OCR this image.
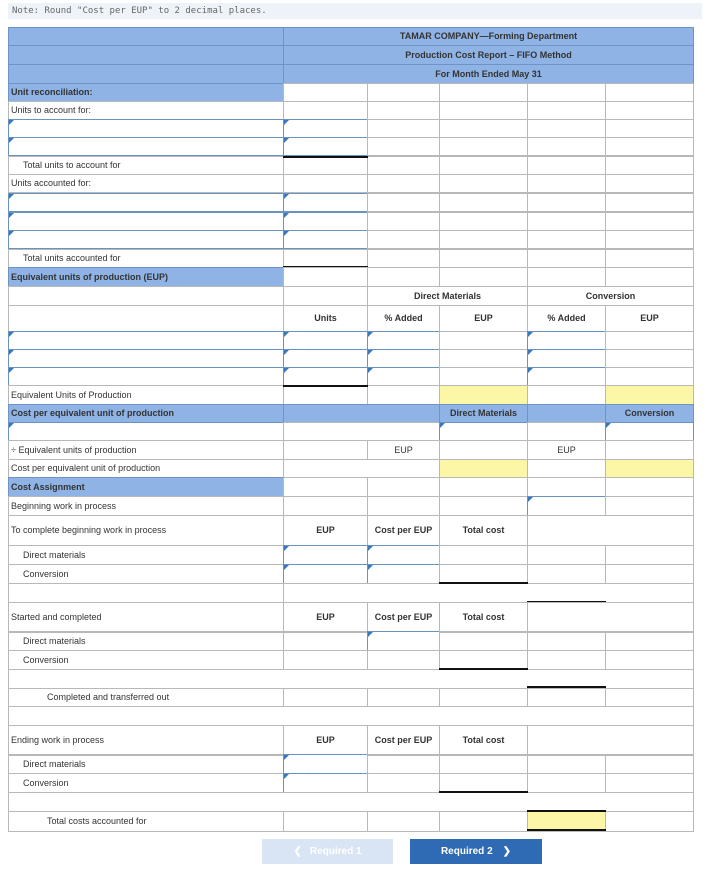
Note: Round "Cost per EUP" to 2 decimal places.
TAMAR COMPANY—Forming Department
Production Cost Report – FIFO Method
For Month Ended May 31
Unit reconciliation:
Units to account for:
Total units to account for
Units accounted for:
Total units accounted for
Equivalent units of production (EUP)
Direct Materials	Conversion
Units	% Added	EUP	% Added	EUP
Equivalent Units of Production
Cost per equivalent unit of production	Direct Materials	Conversion
÷ Equivalent units of production	EUP	EUP
Cost per equivalent unit of production
Cost Assignment
Beginning work in process
To complete beginning work in process	EUP	Cost per EUP	Total cost
Direct materials
Conversion
Started and completed	EUP	Cost per EUP	Total cost
Direct materials
Conversion
Completed and transferred out
Ending work in process	EUP	Cost per EUP	Total cost
Direct materials
Conversion
Total costs accounted for
❮ Required 1	Required 2 ❯
